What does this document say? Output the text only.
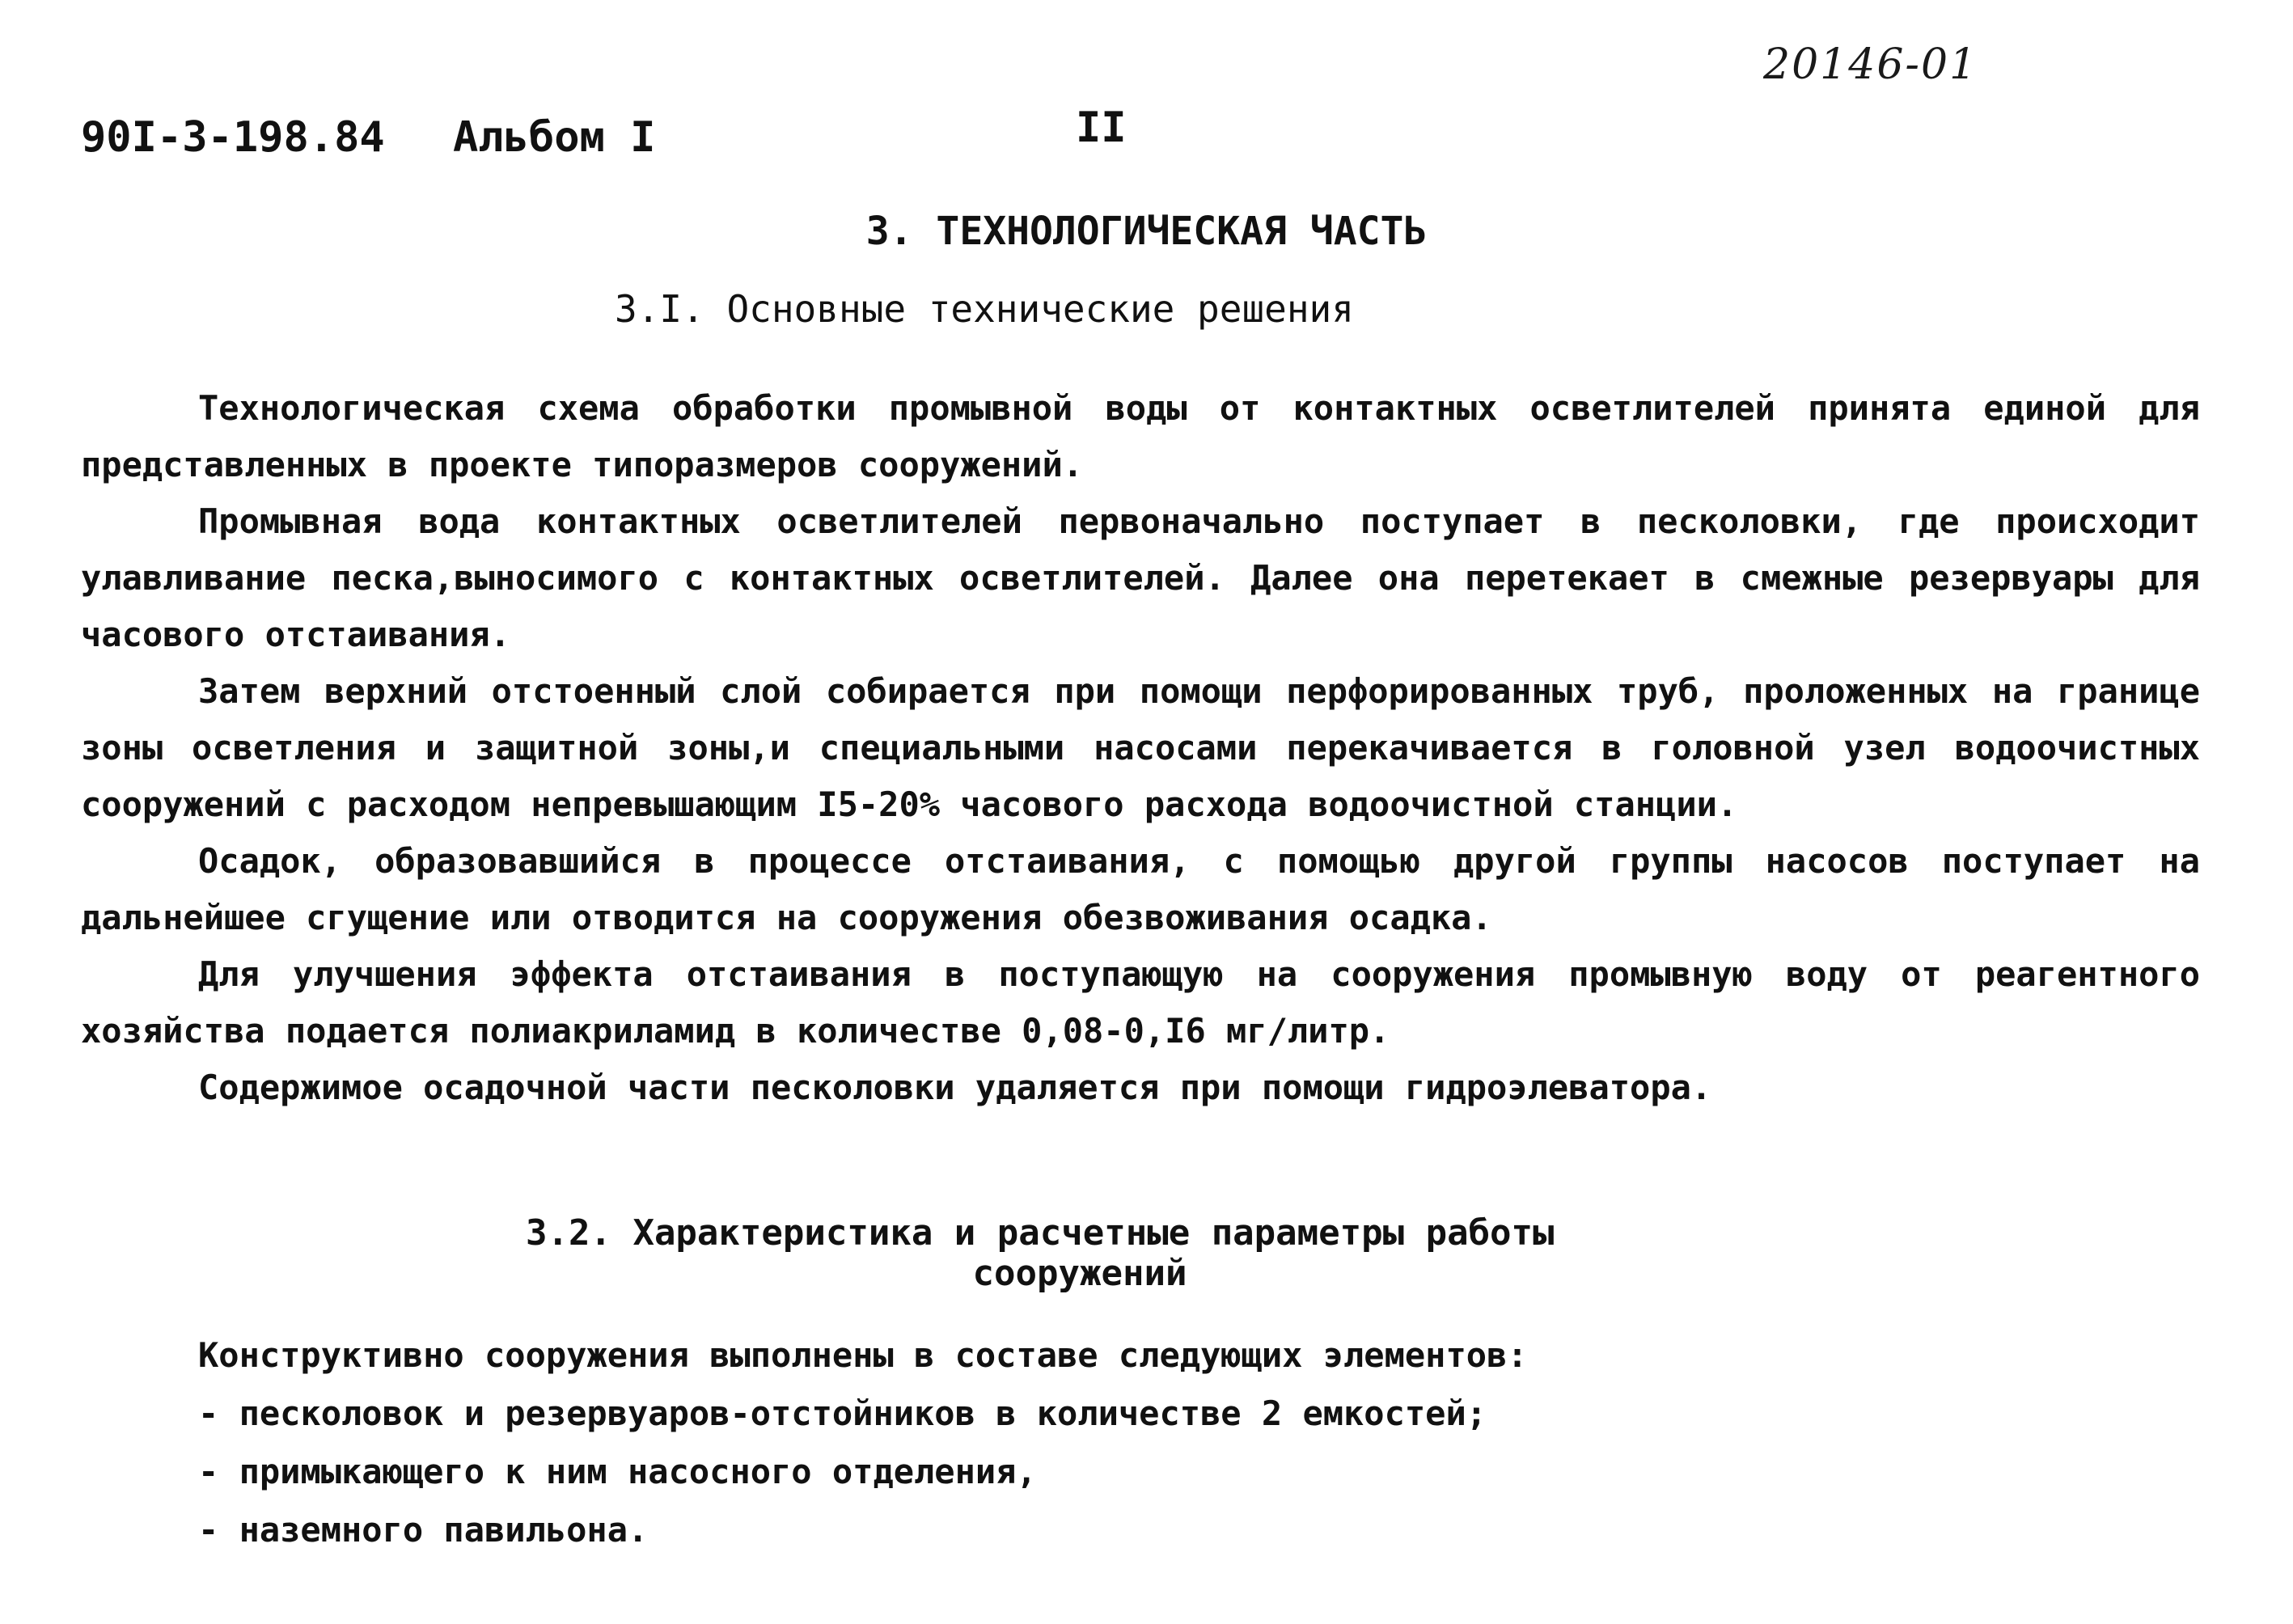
20146-01
90I-3-198.84 Альбом I	II
3. ТЕХНОЛОГИЧЕСКАЯ ЧАСТЬ
3.I. Основные технические решения

Технологическая схема обработки промывной воды от контактных осветлителей принята единой для представленных в проекте типоразмеров сооружений.

Промывная вода контактных осветлителей первоначально поступает в песколовки, где происходит улавливание песка,выносимого с контактных осветлителей. Далее она перетекает в смежные резервуары для часового отстаивания.

Затем верхний отстоенный слой собирается при помощи перфорированных труб, проложенных на границе зоны осветления и защитной зоны,и специальными насосами перекачивается в головной узел водоочистных сооружений с расходом непревышающим I5-20% часового расхода водоочистной станции.

Осадок, образовавшийся в процессе отстаивания, с помощью другой группы насосов поступает на дальнейшее сгущение или отводится на сооружения обезвоживания осадка.

Для улучшения эффекта отстаивания в поступающую на сооружения промывную воду от реагентного хозяйства подается полиакриламид в количестве 0,08-0,I6 мг/литр.

Содержимое осадочной части песколовки удаляется при помощи гидроэлеватора.

3.2. Характеристика и расчетные параметры работы
сооружений
Конструктивно сооружения выполнены в составе следующих элементов:
- песколовок и резервуаров-отстойников в количестве 2 емкостей;
- примыкающего к ним насосного отделения,
- наземного павильона.
